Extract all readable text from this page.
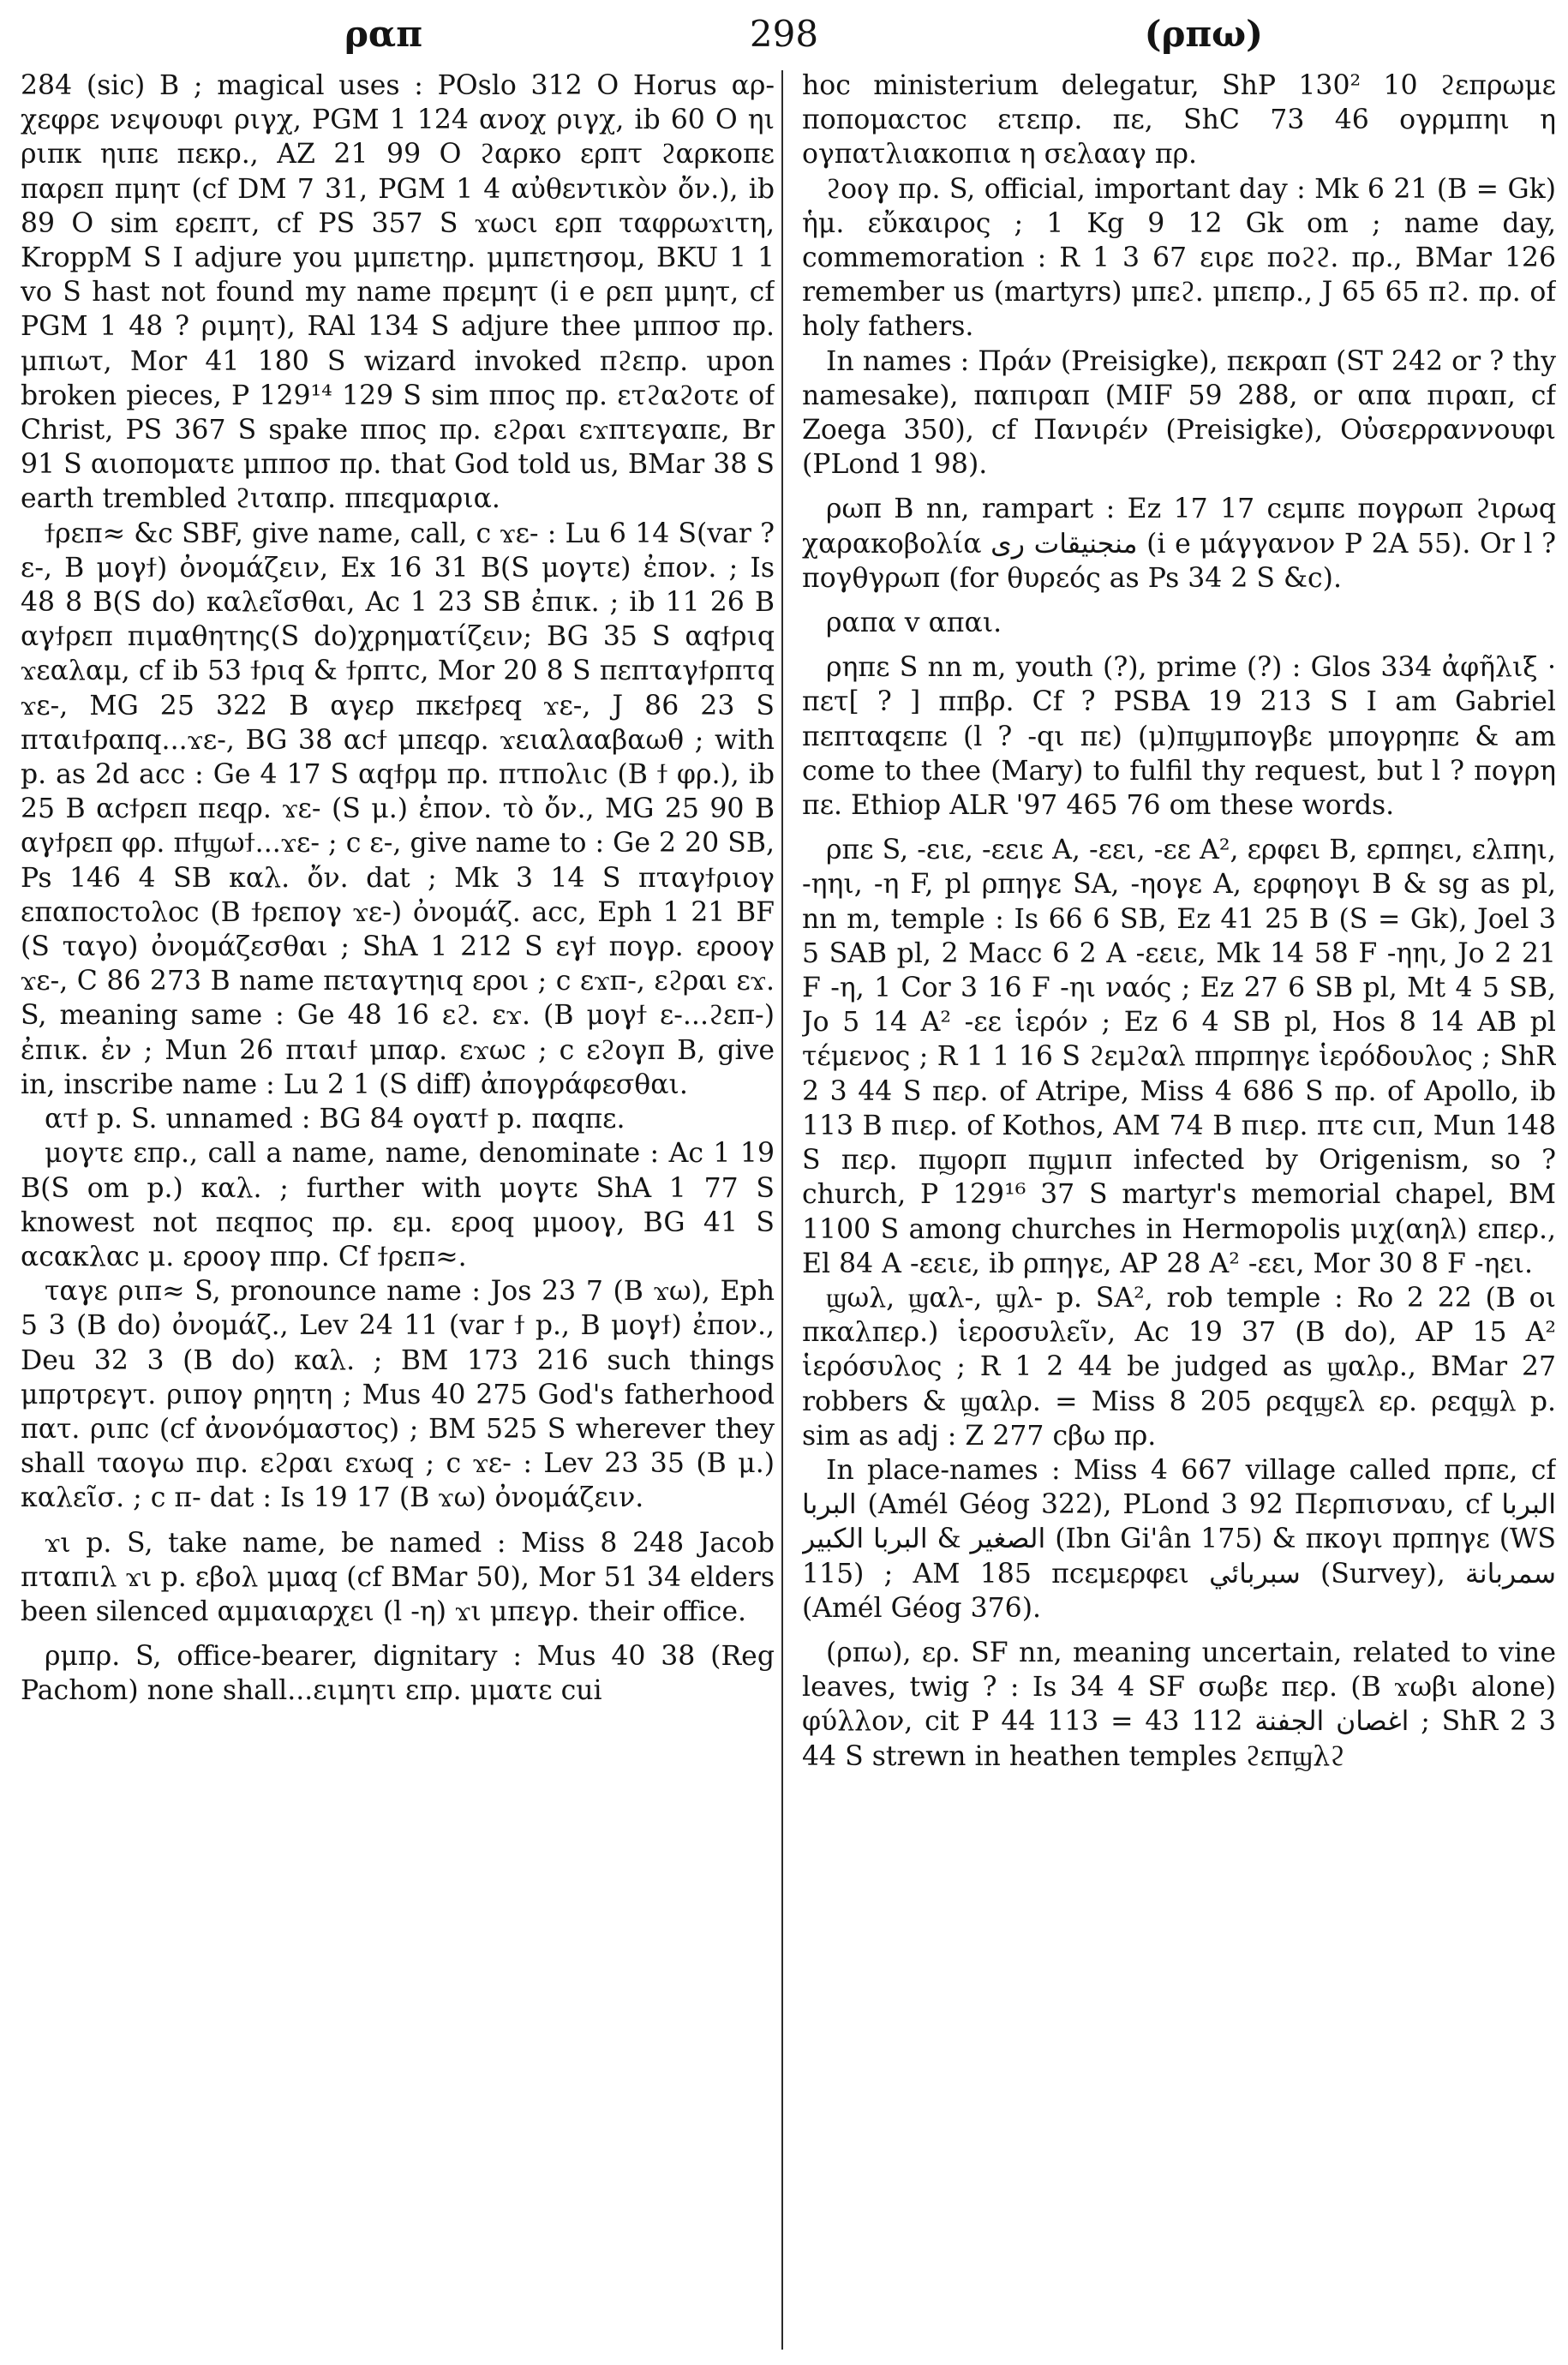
ραπ	298	(ρπω)

284 (sic) B ; magical uses : POslo 312 O Horus αρ-χεφρε νεψουφι ριγχ, PGM 1 124 ανοχ ριγχ, ib 60 O ηι ριπκ ηιπε πεκρ., AZ 21 99 O ϩαρκο ερπτ ϩαρκοπε παρεπ πμητ (cf DM 7 31, PGM 1 4 αὐθεντικὸν ὄν.), ib 89 O sim ερεπτ, cf PS 357 S ϫωcι ερπ ταφρωϫιτη, KroppM S I adjure you μμπετηρ. μμπετησομ, BKU 1 1 vo S hast not found my name πρεμητ (i e ρεπ μμητ, cf PGM 1 48 ? ριμητ), RAl 134 S adjure thee μπποσ πρ. μπιωτ, Mor 41 180 S wizard invoked πϩεπρ. upon broken pieces, P 129¹⁴ 129 S sim ππος πρ. ετϩαϩοτε of Christ, PS 367 S spake ππος πρ. εϩραι εϫπτεγαπε, Br 91 S αιοποματε μπποσ πρ. that God told us, BMar 38 S earth trembled ϩιταπρ. ππεqμαρια.

ϯρεπ≈ &c SBF, give name, call, c ϫε- : Lu 6 14 S(var ? ε-, B μογϯ) ὀνομάζειν, Ex 16 31 B(S μογτε) ἐπον. ; Is 48 8 B(S do) καλεῖσθαι, Ac 1 23 SB ἐπικ. ; ib 11 26 B αγϯρεπ πιμαθητης(S do)χρηματίζειν; BG 35 S αqϯριq ϫεαλαμ, cf ib 53 ϯριq & ϯρπτc, Mor 20 8 S πεπταγϯρπτq ϫε-, MG 25 322 B αγερ πκεϯρεq ϫε-, J 86 23 S πταιϯραπq...ϫε-, BG 38 αcϯ μπεqρ. ϫειαλααβαωθ ; with p. as 2d acc : Ge 4 17 S αqϯρμ πρ. πτπολιc (B ϯ φρ.), ib 25 B αcϯρεπ πεqρ. ϫε- (S μ.) ἐπον. τὸ ὄν., MG 25 90 B αγϯρεπ φρ. πϯϣωϯ...ϫε- ; c ε-, give name to : Ge 2 20 SB, Ps 146 4 SB καλ. ὄν. dat ; Mk 3 14 S πταγϯριογ επαποcτολοc (B ϯρεπογ ϫε-) ὀνομάζ. acc, Eph 1 21 BF (S ταγο) ὀνομάζεσθαι ; ShA 1 212 S εγϯ πογρ. εροογ ϫε-, C 86 273 B name πεταγτηιq εροι ; c εϫπ-, εϩραι εϫ. S, meaning same : Ge 48 16 εϩ. εϫ. (B μογϯ ε-...ϩεπ-) ἐπικ. ἐν ; Mun 26 πταιϯ μπαρ. εϫωc ; c εϩογπ B, give in, inscribe name : Lu 2 1 (S diff) ἀπογράφεσθαι.

ατϯ p. S. unnamed : BG 84 ογατϯ p. παqπε.

μογτε επρ., call a name, name, denominate : Ac 1 19 B(S om p.) καλ. ; further with μογτε ShA 1 77 S knowest not πεqπος πρ. εμ. εροq μμοογ, BG 41 S αcακλαc μ. εροογ ππρ. Cf ϯρεπ≈.

ταγε ριπ≈ S, pronounce name : Jos 23 7 (B ϫω), Eph 5 3 (B do) ὀνομάζ., Lev 24 11 (var ϯ p., B μογϯ) ἐπον., Deu 32 3 (B do) καλ. ; BM 173 216 such things μπρτρεγτ. ριπογ ρηητη ; Mus 40 275 God's fatherhood πατ. ριπc (cf ἀνονόμαστος) ; BM 525 S wherever they shall ταογω πιρ. εϩραι εϫωq ; c ϫε- : Lev 23 35 (B μ.) καλεῖσ. ; c π- dat : Is 19 17 (B ϫω) ὀνομάζειν.

ϫι p. S, take name, be named : Miss 8 248 Jacob πταπιλ ϫι p. εβολ μμαq (cf BMar 50), Mor 51 34 elders been silenced αμμαιαρχει (l -η) ϫι μπεγρ. their office.

ρμπρ. S, office-bearer, dignitary : Mus 40 38 (Reg Pachom) none shall...ειμητι επρ. μματε cui

hoc ministerium delegatur, ShP 130² 10 ϩεπρωμε ποπομαcτοc ετεπρ. πε, ShC 73 46 ογρμπηι η ογπατλιακοπια η σελααγ πρ.

ϩοογ πρ. S, official, important day : Mk 6 21 (B = Gk) ἡμ. εὔκαιρος ; 1 Kg 9 12 Gk om ; name day, commemoration : R 1 3 67 ειρε ποϩϩ. πρ., BMar 126 remember us (martyrs) μπεϩ. μπεπρ., J 65 65 πϩ. πρ. of holy fathers.

In names : Πράν (Preisigke), πεκραπ (ST 242 or ? thy namesake), παπιραπ (MIF 59 288, or απα πιραπ, cf Zoega 350), cf Πανιρέν (Preisigke), Οὐσερραννουφι (PLond 1 98).

ρωπ B nn, rampart : Ez 17 17 cεμπε πογρωπ ϩιρωq χαρακοβολία منجنيقات رى (i e μάγγανον P 2A 55). Or l ? πογθγρωπ (for θυρεός as Ps 34 2 S &c).

ραπα v απαι.

ρηπε S nn m, youth (?), prime (?) : Glos 334 ἀφῆλιξ · πετ[ ? ] ππβρ. Cf ? PSBA 19 213 S I am Gabriel πεπταqεπε (l ? -qι πε) (μ)πϣμπογβε μπογρηπε & am come to thee (Mary) to fulfil thy request, but l ? πογρη πε. Ethiop ALR '97 465 76 om these words.

ρπε S, -ειε, -εειε A, -εει, -εε A², ερφει B, ερπηει, ελπηι, -ηηι, -η F, pl ρπηγε SA, -ηογε A, ερφηογι B & sg as pl, nn m, temple : Is 66 6 SB, Ez 41 25 B (S = Gk), Joel 3 5 SAB pl, 2 Macc 6 2 A -εειε, Mk 14 58 F -ηηι, Jo 2 21 F -η, 1 Cor 3 16 F -ηι ναός ; Ez 27 6 SB pl, Mt 4 5 SB, Jo 5 14 A² -εε ἱερόν ; Ez 6 4 SB pl, Hos 8 14 AB pl τέμενος ; R 1 1 16 S ϩεμϩαλ ππρπηγε ἱερόδουλος ; ShR 2 3 44 S περ. of Atripe, Miss 4 686 S πρ. of Apollo, ib 113 B πιερ. of Kothos, AM 74 B πιερ. πτε cιπ, Mun 148 S περ. πϣορπ πϣμιπ infected by Origenism, so ? church, P 129¹⁶ 37 S martyr's memorial chapel, BM 1100 S among churches in Hermopolis μιχ(αηλ) επερ., El 84 A -εειε, ib ρπηγε, AP 28 A² -εει, Mor 30 8 F -ηει.

ϣωλ, ϣαλ-, ϣλ- p. SA², rob temple : Ro 2 22 (B οι πκαλπερ.) ἱεροσυλεῖν, Ac 19 37 (B do), AP 15 A² ἱερόσυλος ; R 1 2 44 be judged as ϣαλρ., BMar 27 robbers & ϣαλρ. = Miss 8 205 ρεqϣελ ερ. ρεqϣλ p. sim as adj : Z 277 cβω πρ.

In place-names : Miss 4 667 village called πρπε, cf البربا (Amél Géog 322), PLond 3 92 Περπισναυ, cf البربا الصغير & البربا الكبير (Ibn Gi'ân 175) & πκογι πρπηγε (WS 115) ; AM 185 πcεμερφει سبربائي (Survey), سمربانة (Amél Géog 376).

(ρπω), ερ. SF nn, meaning uncertain, related to vine leaves, twig ? : Is 34 4 SF σωβε περ. (B ϫωβι alone) φύλλον, cit P 44 113 = 43 112 اغصان الجفنة ; ShR 2 3 44 S strewn in heathen temples ϩεπϣλϩ
